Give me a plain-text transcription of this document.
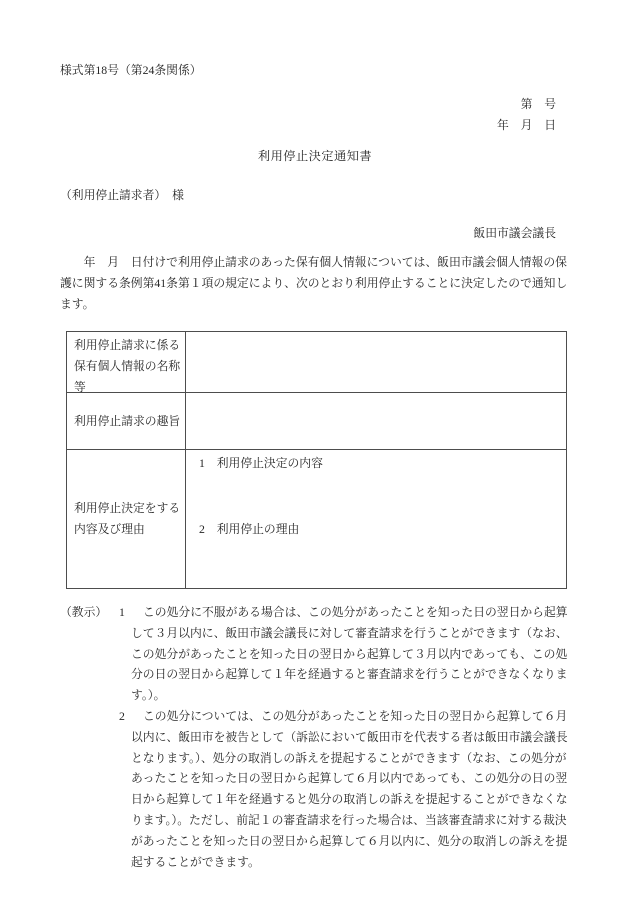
様式第18号（第24条関係）
第　号
年　月　日
利用停止決定通知書
（利用停止請求者）　様
飯田市議会議長
　　年　月　日付けで利用停止請求のあった保有個人情報については、飯田市議会個人情報の保
護に関する条例第41条第１項の規定により、次のとおり利用停止することに決定したので通知し
ます。
利用停止請求に係る
保有個人情報の名称
等
利用停止請求の趣旨
利用停止決定をする
内容及び理由
1　 利用停止決定の内容
2　 利用停止の理由
（教示） 1 この処分に不服がある場合は、この処分があったことを知った日の翌日から起算
して３月以内に、飯田市議会議長に対して審査請求を行うことができます（なお、
この処分があったことを知った日の翌日から起算して３月以内であっても、この処
分の日の翌日から起算して１年を経過すると審査請求を行うことができなくなりま
す。）。
2 この処分については、この処分があったことを知った日の翌日から起算して６月
以内に、飯田市を被告として（訴訟において飯田市を代表する者は飯田市議会議長
となります。）、処分の取消しの訴えを提起することができます（なお、この処分が
あったことを知った日の翌日から起算して６月以内であっても、この処分の日の翌
日から起算して１年を経過すると処分の取消しの訴えを提起することができなくな
ります。）。ただし、前記１の審査請求を行った場合は、当該審査請求に対する裁決
があったことを知った日の翌日から起算して６月以内に、処分の取消しの訴えを提
起することができます。
